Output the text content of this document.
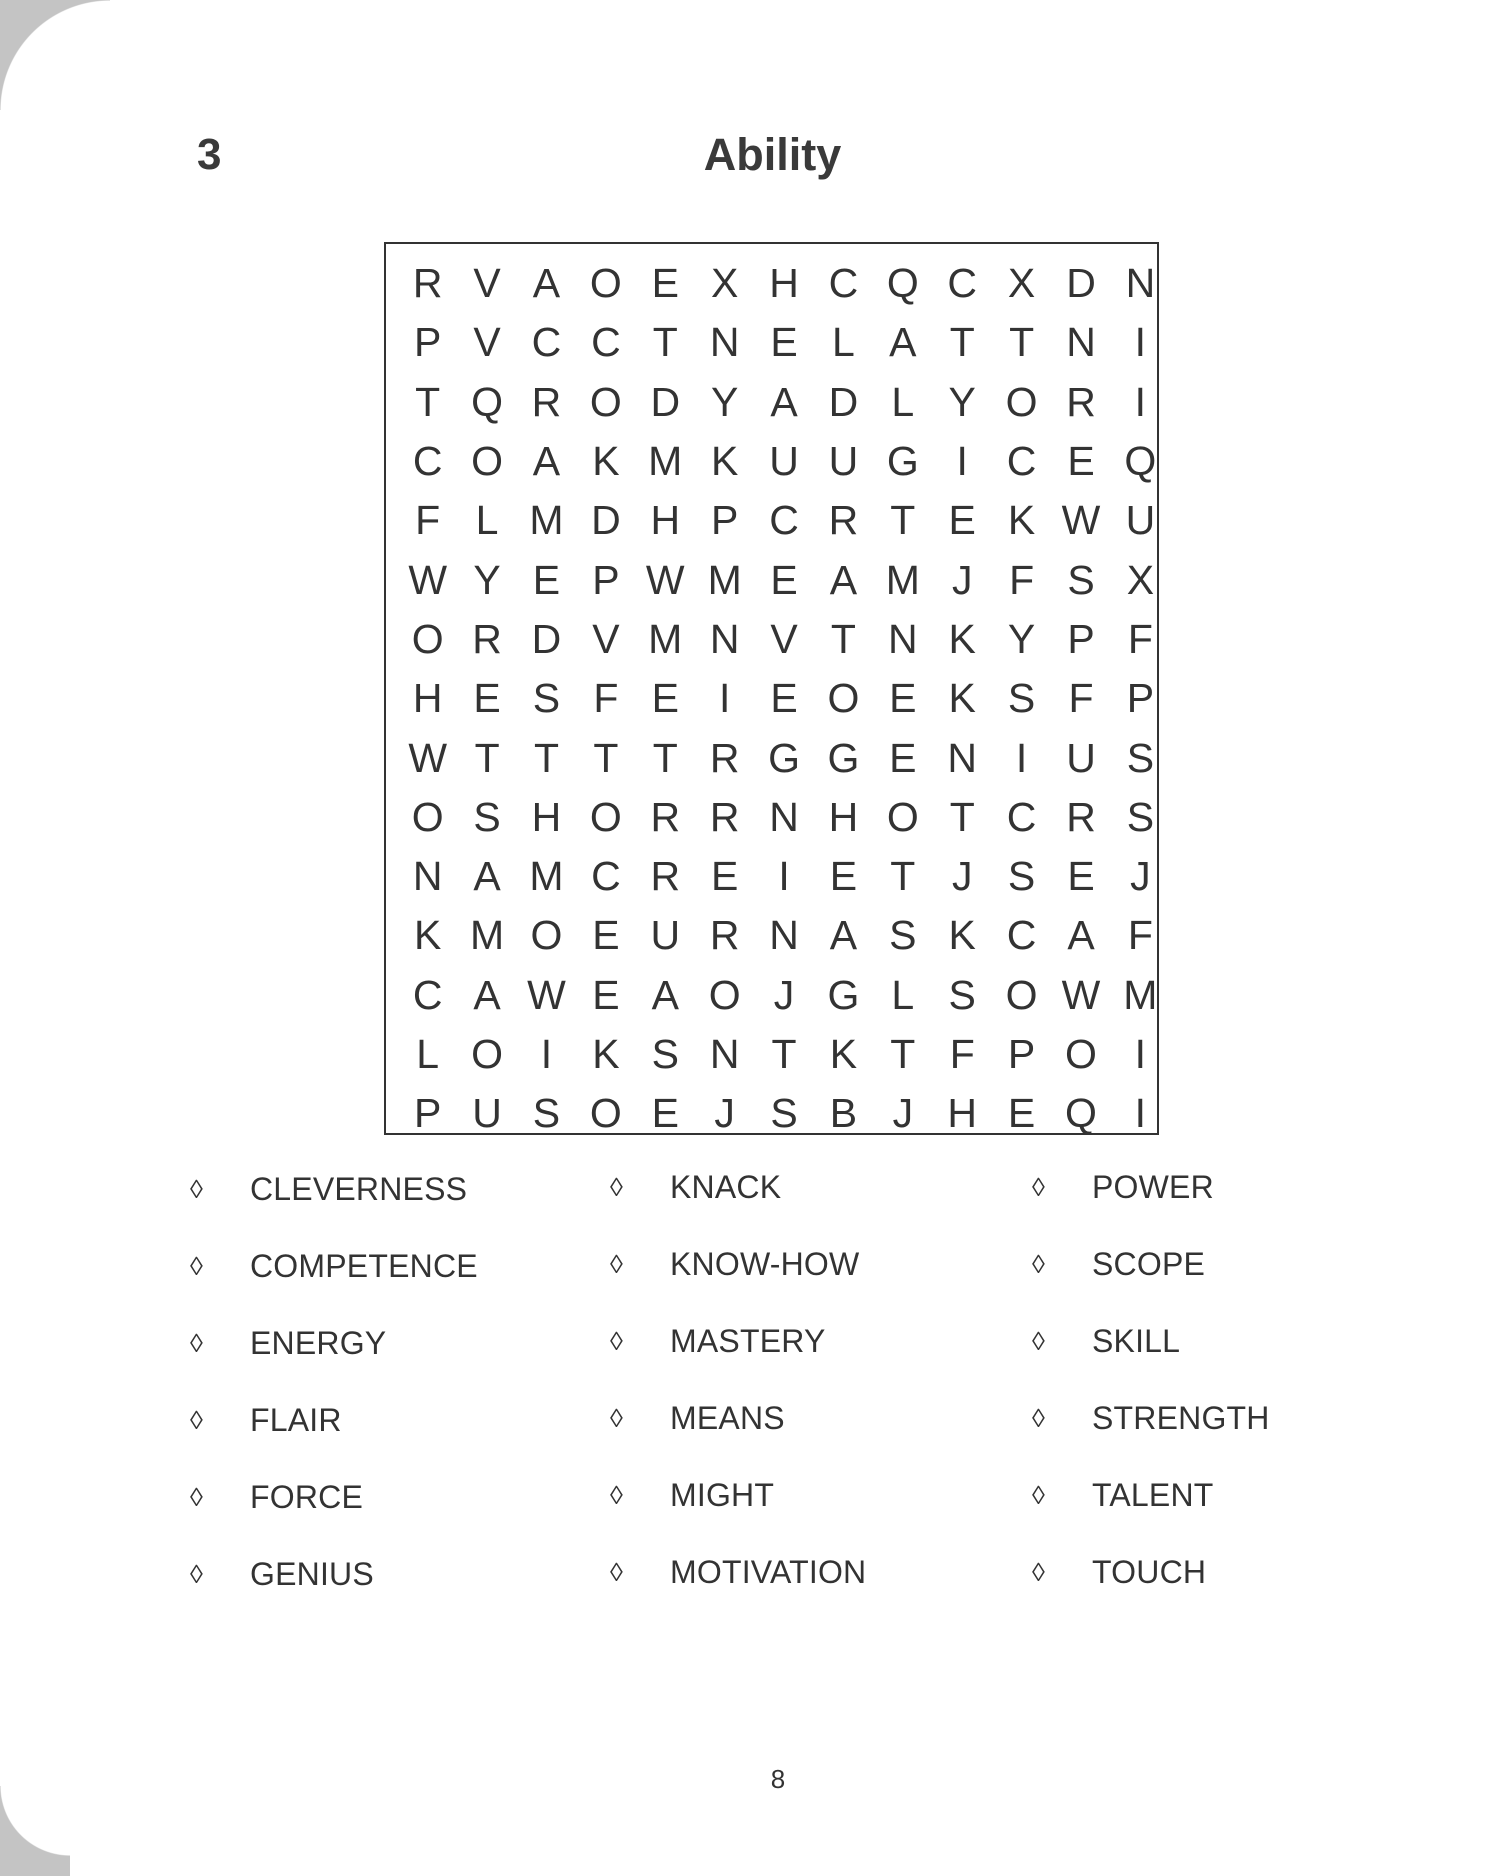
3	Ability
R V A O E X H C Q C X D N
P V C C T N E L A T T N I
T Q R O D Y A D L Y O R I
C O A K M K U U G I C E Q
F L M D H P C R T E K W U
W Y E P W M E A M J F S X
O R D V M N V T N K Y P F
H E S F E I E O E K S F P
W T T T T R G G E N I U S
O S H O R R N H O T C R S
N A M C R E I E T J S E J
K M O E U R N A S K C A F
C A W E A O J G L S O W M
L O I K S N T K T F P O I
P U S O E J S B J H E Q I
◊	CLEVERNESS
◊	COMPETENCE
◊	ENERGY
◊	FLAIR
◊	FORCE
◊	GENIUS
◊	KNACK
◊	KNOW-HOW
◊	MASTERY
◊	MEANS
◊	MIGHT
◊	MOTIVATION
◊	POWER
◊	SCOPE
◊	SKILL
◊	STRENGTH
◊	TALENT
◊	TOUCH
8
